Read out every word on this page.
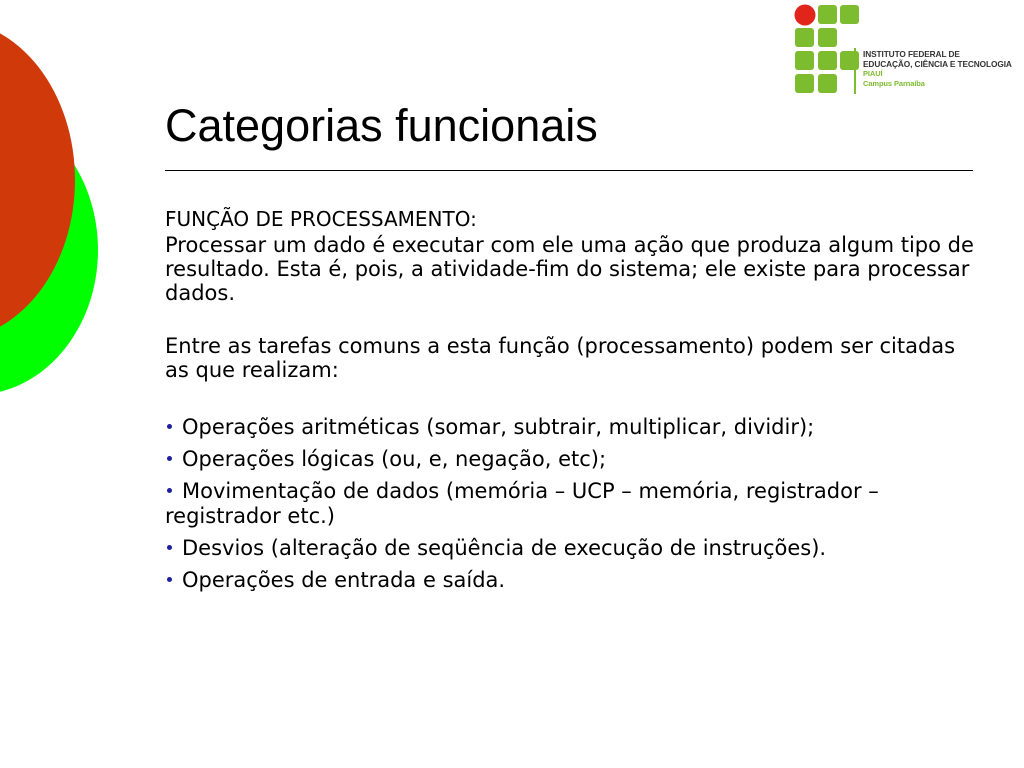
INSTITUTO FEDERAL DE
EDUCAÇÃO, CIÊNCIA E TECNOLOGIA
PIAUÍ
Campus Parnaíba
Categorias funcionais

FUNÇÃO DE PROCESSAMENTO:

Processar um dado é executar com ele uma ação que produza algum tipo de resultado. Esta é, pois, a atividade-fim do sistema; ele existe para processar dados.

Entre as tarefas comuns a esta função (processamento) podem ser citadas as que realizam:

Operações aritméticas (somar, subtrair, multiplicar, dividir);
Operações lógicas (ou, e, negação, etc);
Movimentação de dados (memória – UCP – memória, registrador – registrador etc.)
Desvios (alteração de seqüência de execução de instruções).
Operações de entrada e saída.
